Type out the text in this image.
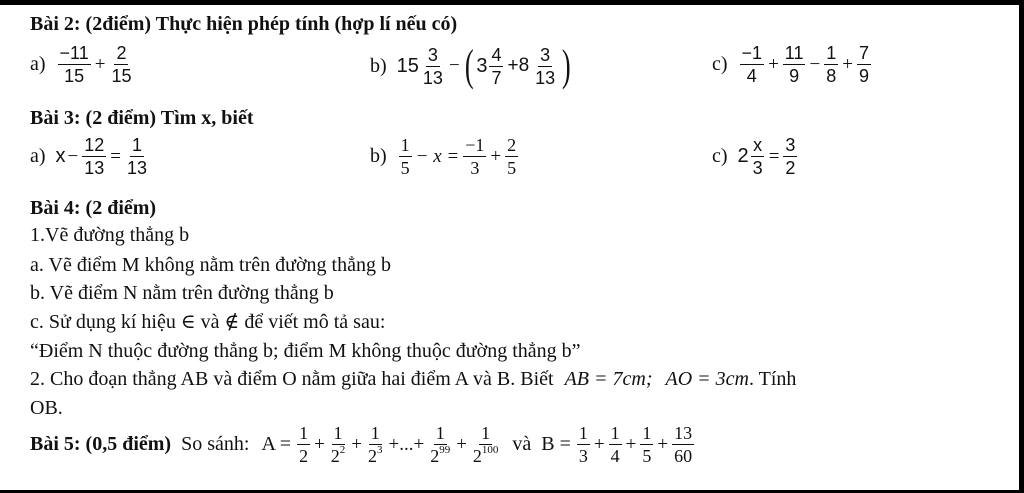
Bài 2: (2điểm) Thực hiện phép tính (hợp lí nếu có)
$a) \frac{-11}{15} + \frac{2}{15}$	b) $15 \frac{3}{13}$ − ( $3 \frac{4}{7} +8 \frac{3}{13}$ )	$c) \frac{-1}{4} + \frac{11}{9} - \frac{1}{8} + \frac{7}{9}$
Bài 3: (2 điểm) Tìm x, biết
a) $x - \frac{12}{13} = \frac{1}{13}$	$b) \frac{1}{5} - x = \frac{-1}{3} + \frac{2}{5}$	c) $2 \frac{x}{3} = \frac{3}{2}$
Bài 4: (2 điểm)
1.Vẽ đường thẳng b
a. Vẽ điểm M không nằm trên đường thẳng b
b. Vẽ điểm N nằm trên đường thẳng b
c. Sử dụng kí hiệu ∈ và ∉ để viết mô tả sau:
“Điểm N thuộc đường thẳng b; điểm M không thuộc đường thẳng b”
2. Cho đoạn thẳng AB và điểm O nằm giữa hai điểm A và B. Biết AB = 7cm; AO = 3cm. Tính
OB.
Bài 5: (0,5 điểm) So sánh: $A = \frac{1}{2} + \frac{1}{2^2} + \frac{1}{2^3}$ +...+ $\frac{1}{2^{99}} + \frac{1}{2^{100}}$ và $B = \frac{1}{3} + \frac{1}{4} + \frac{1}{5} + \frac{13}{60}$
